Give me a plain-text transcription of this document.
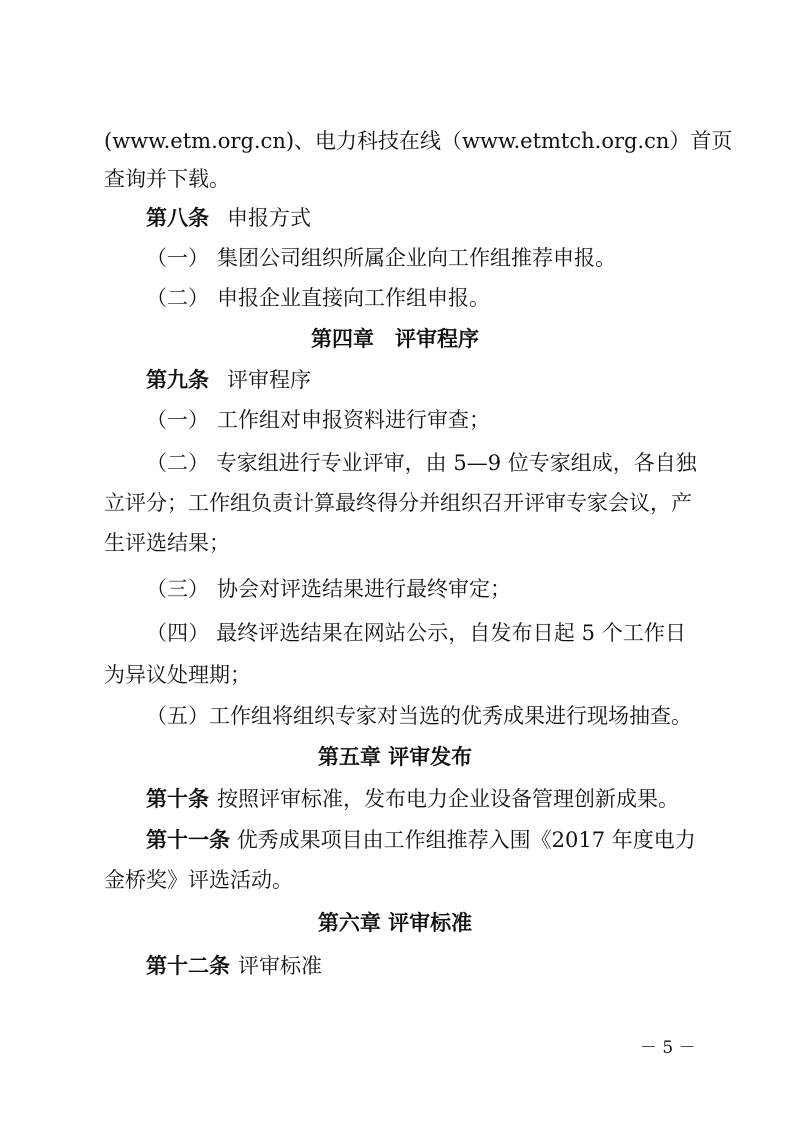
(www.etm.org.cn)、电力科技在线（www.etmtch.org.cn）首页
查询并下载。
第八条 申报方式
（一） 集团公司组织所属企业向工作组推荐申报。
（二） 申报企业直接向工作组申报。
第四章　评审程序
第九条 评审程序
（一） 工作组对申报资料进行审查；
（二） 专家组进行专业评审，由 5—9 位专家组成，各自独
立评分；工作组负责计算最终得分并组织召开评审专家会议，产
生评选结果；
（三） 协会对评选结果进行最终审定；
（四） 最终评选结果在网站公示，自发布日起 5 个工作日
为异议处理期；
（五）工作组将组织专家对当选的优秀成果进行现场抽查。
第五章 评审发布
第十条 按照评审标准，发布电力企业设备管理创新成果。
第十一条 优秀成果项目由工作组推荐入围《2017 年度电力
金桥奖》评选活动。
第六章 评审标准
第十二条 评审标准
－ 5 －
